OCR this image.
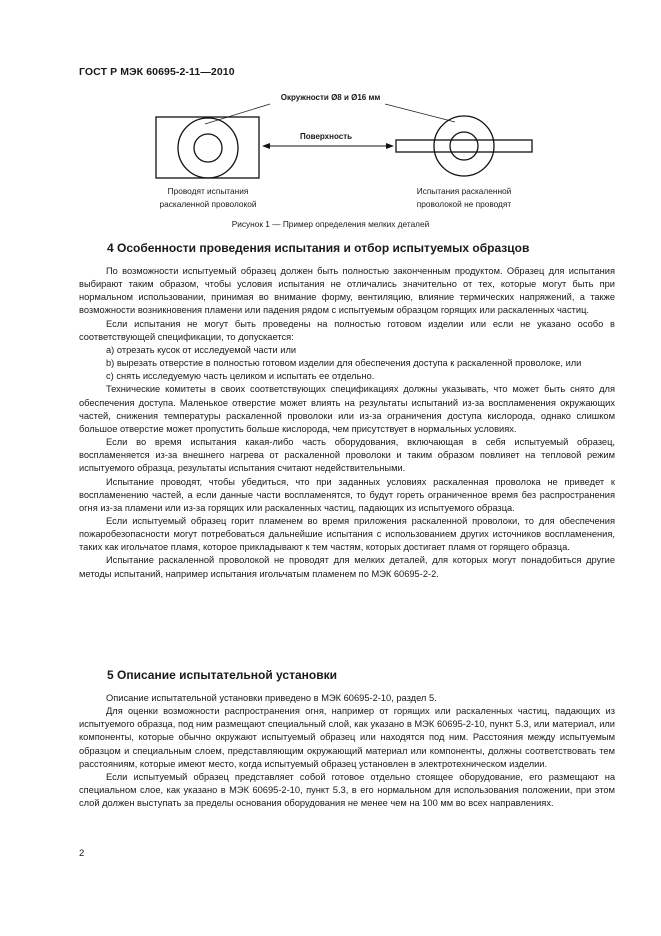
ГОСТ Р МЭК 60695-2-11—2010
Окружности Ø8 и Ø16 мм
Поверхность
Проводят испытания
раскаленной проволокой
Испытания раскаленной
проволокой не проводят
Рисунок 1 — Пример определения мелких деталей
4 Особенности проведения испытания и отбор испытуемых образцов

По возможности испытуемый образец должен быть полностью законченным продуктом. Образец для испытания выбирают таким образом, чтобы условия испытания не отличались значительно от тех, которые могут быть при нормальном использовании, принимая во внимание форму, вентиляцию, влияние термических напряжений, а также возможности возникновения пламени или падения рядом с испытуемым образцом горящих или раскаленных частиц.

Если испытания не могут быть проведены на полностью готовом изделии или если не указано особо в соответствующей спецификации, то допускается:

a) отрезать кусок от исследуемой части или

b) вырезать отверстие в полностью готовом изделии для обеспечения доступа к раскаленной проволоке, или

c) снять исследуемую часть целиком и испытать ее отдельно.

Технические комитеты в своих соответствующих спецификациях должны указывать, что может быть снято для обеспечения доступа. Маленькое отверстие может влиять на результаты испытаний из-за воспламенения окружающих частей, снижения температуры раскаленной проволоки или из-за ограничения доступа кислорода, однако слишком большое отверстие может пропустить больше кислорода, чем присутствует в нормальных условиях.

Если во время испытания какая-либо часть оборудования, включающая в себя испытуемый образец, воспламеняется из-за внешнего нагрева от раскаленной проволоки и таким образом повлияет на тепловой режим испытуемого образца, результаты испытания считают недействительными.

Испытание проводят, чтобы убедиться, что при заданных условиях раскаленная проволока не приведет к воспламенению частей, а если данные части воспламенятся, то будут гореть ограниченное время без распространения огня из-за пламени или из-за горящих или раскаленных частиц, падающих из испытуемого образца.

Если испытуемый образец горит пламенем во время приложения раскаленной проволоки, то для обеспечения пожаробезопасности могут потребоваться дальнейшие испытания с использованием других источников воспламенения, таких как игольчатое пламя, которое прикладывают к тем частям, которых достигает пламя от горящего образца.

Испытание раскаленной проволокой не проводят для мелких деталей, для которых могут понадобиться другие методы испытаний, например испытания игольчатым пламенем по МЭК 60695-2-2.

5 Описание испытательной установки

Описание испытательной установки приведено в МЭК 60695-2-10, раздел 5.

Для оценки возможности распространения огня, например от горящих или раскаленных частиц, падающих из испытуемого образца, под ним размещают специальный слой, как указано в МЭК 60695-2-10, пункт 5.3, или материал, или компоненты, которые обычно окружают испытуемый образец или находятся под ним. Расстояния между испытуемым образцом и специальным слоем, представляющим окружающий материал или компоненты, должны соответствовать тем расстояниям, которые имеют место, когда испытуемый образец установлен в электротехническом изделии.

Если испытуемый образец представляет собой готовое отдельно стоящее оборудование, его размещают на специальном слое, как указано в МЭК 60695-2-10, пункт 5.3, в его нормальном для использования положении, при этом слой должен выступать за пределы основания оборудования не менее чем на 100 мм во всех направлениях.

2
